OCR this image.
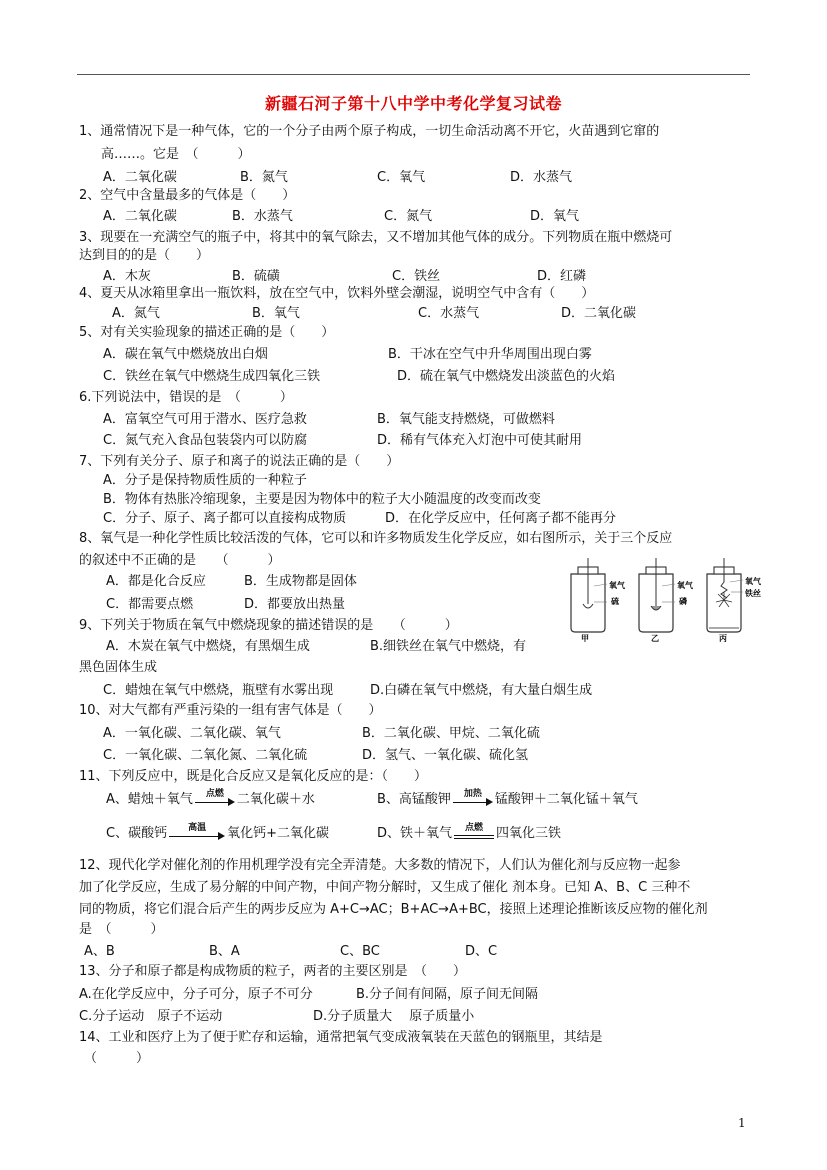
新疆石河子第十八中学中考化学复习试卷
1、通常情况下是一种气体，它的一个分子由两个原子构成，一切生命活动离不开它，火苗遇到它窜的
高……。它是　（　　　）
A．二氧化碳	B．氮气	C．氧气	D．水蒸气
2、空气中含量最多的气体是（　　）
A．二氧化碳	B．水蒸气	C．氮气	D．氧气
3、现要在一充满空气的瓶子中，将其中的氧气除去，又不增加其他气体的成分。下列物质在瓶中燃烧可
达到目的的是（　　）
A．木灰	B．硫磺	C．铁丝	D．红磷
4、夏天从冰箱里拿出一瓶饮料，放在空气中，饮料外壁会潮湿，说明空气中含有（　　）
A．氮气	B．氧气	C．水蒸气	D．二氧化碳
5、对有关实验现象的描述正确的是（　　）
A．碳在氧气中燃烧放出白烟	B．干冰在空气中升华周围出现白雾
C．铁丝在氧气中燃烧生成四氧化三铁	D．硫在氧气中燃烧发出淡蓝色的火焰
6.下列说法中，错误的是　（　　　）
A．富氧空气可用于潜水、医疗急救	B．氧气能支持燃烧，可做燃料
C．氮气充入食品包装袋内可以防腐	D．稀有气体充入灯泡中可使其耐用
7、下列有关分子、原子和离子的说法正确的是（　　）
A．分子是保持物质性质的一种粒子
B．物体有热胀冷缩现象，主要是因为物体中的粒子大小随温度的改变而改变
C．分子、原子、离子都可以直接构成物质	D．在化学反应中，任何离子都不能再分
8、氧气是一种化学性质比较活泼的气体，它可以和许多物质发生化学反应，如右图所示，关于三个反应
的叙述中不正确的是　　（　　　）
A．都是化合反应	B．生成物都是固体
C．都需要点燃	D．都要放出热量
氧气
硫
氧气
磷
氧气
铁丝
甲	乙	丙
9、下列关于物质在氧气中燃烧现象的描述错误的是　　（　　　）
A．木炭在氧气中燃烧，有黑烟生成	B.细铁丝在氧气中燃烧，有
黑色固体生成
C．蜡烛在氧气中燃烧，瓶壁有水雾出现	D.白磷在氧气中燃烧，有大量白烟生成
10、对大气都有严重污染的一组有害气体是（　　）
A．一氧化碳、二氧化碳、氧气	B．二氧化碳、甲烷、二氧化硫
C．一氧化碳、二氧化氮、二氧化硫	D．氢气、一氧化碳、硫化氢
11、下列反应中，既是化合反应又是氧化反应的是：（　　）
A、蜡烛＋氧气	点燃	二氧化碳＋水	B、高锰酸钾	加热	锰酸钾＋二氧化锰＋氧气
C、碳酸钙	高温	氧化钙+二氧化碳	D、铁＋氧气	点燃	四氧化三铁
12、现代化学对催化剂的作用机理学没有完全弄清楚。大多数的情况下，人们认为催化剂与反应物一起参
加了化学反应，生成了易分解的中间产物，中间产物分解时，又生成了催化 剂本身。已知 A、B、C 三种不
同的物质，将它们混合后产生的两步反应为 A+C→AC；B+AC→A+BC，接照上述理论推断该反应物的催化剂
是　（　　　）
A、B	B、A	C、BC	D、C
13、分子和原子都是构成物质的粒子，两者的主要区别是　（　　）
A.在化学反应中，分子可分，原子不可分	B.分子间有间隔，原子间无间隔
C.分子运动　原子不运动	D.分子质量大　 原子质量小
14、工业和医疗上为了便于贮存和运输，通常把氧气变成液氧装在天蓝色的钢瓶里，其结是
（　　　）
1
